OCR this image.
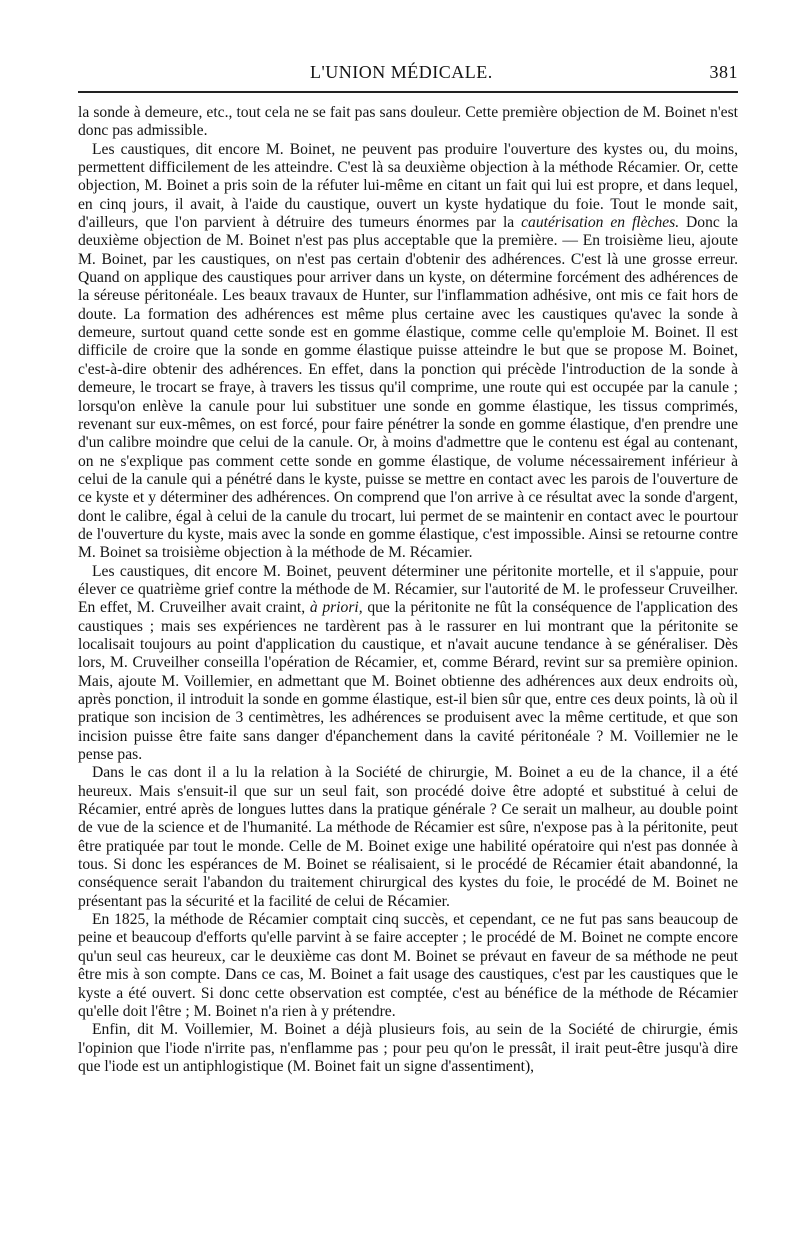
L'UNION MÉDICALE.	381

la sonde à demeure, etc., tout cela ne se fait pas sans douleur. Cette première objection de M. Boinet n'est donc pas admissible.

Les caustiques, dit encore M. Boinet, ne peuvent pas produire l'ouverture des kystes ou, du moins, permettent difficilement de les atteindre. C'est là sa deuxième objection à la méthode Récamier. Or, cette objection, M. Boinet a pris soin de la réfuter lui-même en citant un fait qui lui est propre, et dans lequel, en cinq jours, il avait, à l'aide du caustique, ouvert un kyste hydatique du foie. Tout le monde sait, d'ailleurs, que l'on parvient à détruire des tumeurs énormes par la cautérisation en flèches. Donc la deuxième objection de M. Boinet n'est pas plus acceptable que la première. — En troisième lieu, ajoute M. Boinet, par les caustiques, on n'est pas certain d'obtenir des adhérences. C'est là une grosse erreur. Quand on applique des caustiques pour arriver dans un kyste, on détermine forcément des adhérences de la séreuse péritonéale. Les beaux travaux de Hunter, sur l'inflammation adhésive, ont mis ce fait hors de doute. La formation des adhérences est même plus certaine avec les caustiques qu'avec la sonde à demeure, surtout quand cette sonde est en gomme élastique, comme celle qu'emploie M. Boinet. Il est difficile de croire que la sonde en gomme élastique puisse atteindre le but que se propose M. Boinet, c'est-à-dire obtenir des adhérences. En effet, dans la ponction qui précède l'introduction de la sonde à demeure, le trocart se fraye, à travers les tissus qu'il comprime, une route qui est occupée par la canule ; lorsqu'on enlève la canule pour lui substituer une sonde en gomme élastique, les tissus comprimés, revenant sur eux-mêmes, on est forcé, pour faire pénétrer la sonde en gomme élastique, d'en prendre une d'un calibre moindre que celui de la canule. Or, à moins d'admettre que le contenu est égal au contenant, on ne s'explique pas comment cette sonde en gomme élastique, de volume nécessairement inférieur à celui de la canule qui a pénétré dans le kyste, puisse se mettre en contact avec les parois de l'ouverture de ce kyste et y déterminer des adhérences. On comprend que l'on arrive à ce résultat avec la sonde d'argent, dont le calibre, égal à celui de la canule du trocart, lui permet de se maintenir en contact avec le pourtour de l'ouverture du kyste, mais avec la sonde en gomme élastique, c'est impossible. Ainsi se retourne contre M. Boinet sa troisième objection à la méthode de M. Récamier.

Les caustiques, dit encore M. Boinet, peuvent déterminer une péritonite mortelle, et il s'appuie, pour élever ce quatrième grief contre la méthode de M. Récamier, sur l'autorité de M. le professeur Cruveilher. En effet, M. Cruveilher avait craint, à priori, que la péritonite ne fût la conséquence de l'application des caustiques ; mais ses expériences ne tardèrent pas à le rassurer en lui montrant que la péritonite se localisait toujours au point d'application du caustique, et n'avait aucune tendance à se généraliser. Dès lors, M. Cruveilher conseilla l'opération de Récamier, et, comme Bérard, revint sur sa première opinion. Mais, ajoute M. Voillemier, en admettant que M. Boinet obtienne des adhérences aux deux endroits où, après ponction, il introduit la sonde en gomme élastique, est-il bien sûr que, entre ces deux points, là où il pratique son incision de 3 centimètres, les adhérences se produisent avec la même certitude, et que son incision puisse être faite sans danger d'épanchement dans la cavité péritonéale ? M. Voillemier ne le pense pas.

Dans le cas dont il a lu la relation à la Société de chirurgie, M. Boinet a eu de la chance, il a été heureux. Mais s'ensuit-il que sur un seul fait, son procédé doive être adopté et substitué à celui de Récamier, entré après de longues luttes dans la pratique générale ? Ce serait un malheur, au double point de vue de la science et de l'humanité. La méthode de Récamier est sûre, n'expose pas à la péritonite, peut être pratiquée par tout le monde. Celle de M. Boinet exige une habilité opératoire qui n'est pas donnée à tous. Si donc les espérances de M. Boinet se réalisaient, si le procédé de Récamier était abandonné, la conséquence serait l'abandon du traitement chirurgical des kystes du foie, le procédé de M. Boinet ne présentant pas la sécurité et la facilité de celui de Récamier.

En 1825, la méthode de Récamier comptait cinq succès, et cependant, ce ne fut pas sans beaucoup de peine et beaucoup d'efforts qu'elle parvint à se faire accepter ; le procédé de M. Boinet ne compte encore qu'un seul cas heureux, car le deuxième cas dont M. Boinet se prévaut en faveur de sa méthode ne peut être mis à son compte. Dans ce cas, M. Boinet a fait usage des caustiques, c'est par les caustiques que le kyste a été ouvert. Si donc cette observation est comptée, c'est au bénéfice de la méthode de Récamier qu'elle doit l'être ; M. Boinet n'a rien à y prétendre.

Enfin, dit M. Voillemier, M. Boinet a déjà plusieurs fois, au sein de la Société de chirurgie, émis l'opinion que l'iode n'irrite pas, n'enflamme pas ; pour peu qu'on le pressât, il irait peut-être jusqu'à dire que l'iode est un antiphlogistique (M. Boinet fait un signe d'assentiment),
